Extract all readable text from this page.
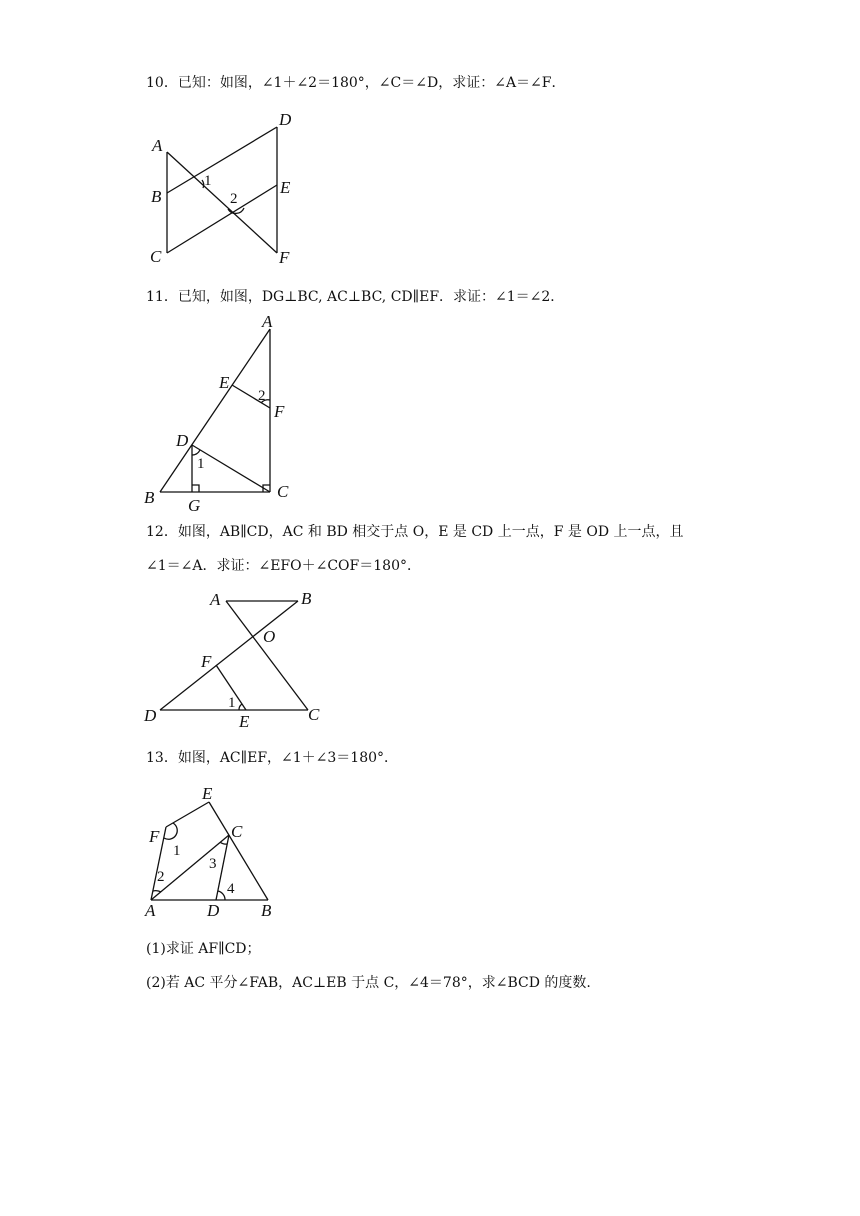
10．已知：如图，∠1＋∠2＝180°，∠C＝∠D，求证：∠A＝∠F．
A
B
C
D
E
F
1
2
11．已知，如图，DG⊥BC, AC⊥BC, CD∥EF．求证：∠1＝∠2．
A
E
F
D
B G
C
1
2
12．如图，AB∥CD，AC 和 BD 相交于点 O，E 是 CD 上一点，F 是 OD 上一点，且
∠1＝∠A．求证：∠EFO＋∠COF＝180°．
A	B
O
F
D	E	C
1
13．如图，AC∥EF，∠1＋∠3＝180°．
E
F	C
A	D B
1
2
3
4
(1)求证 AF∥CD；
(2)若 AC 平分∠FAB，AC⊥EB 于点 C，∠4＝78°，求∠BCD 的度数.
